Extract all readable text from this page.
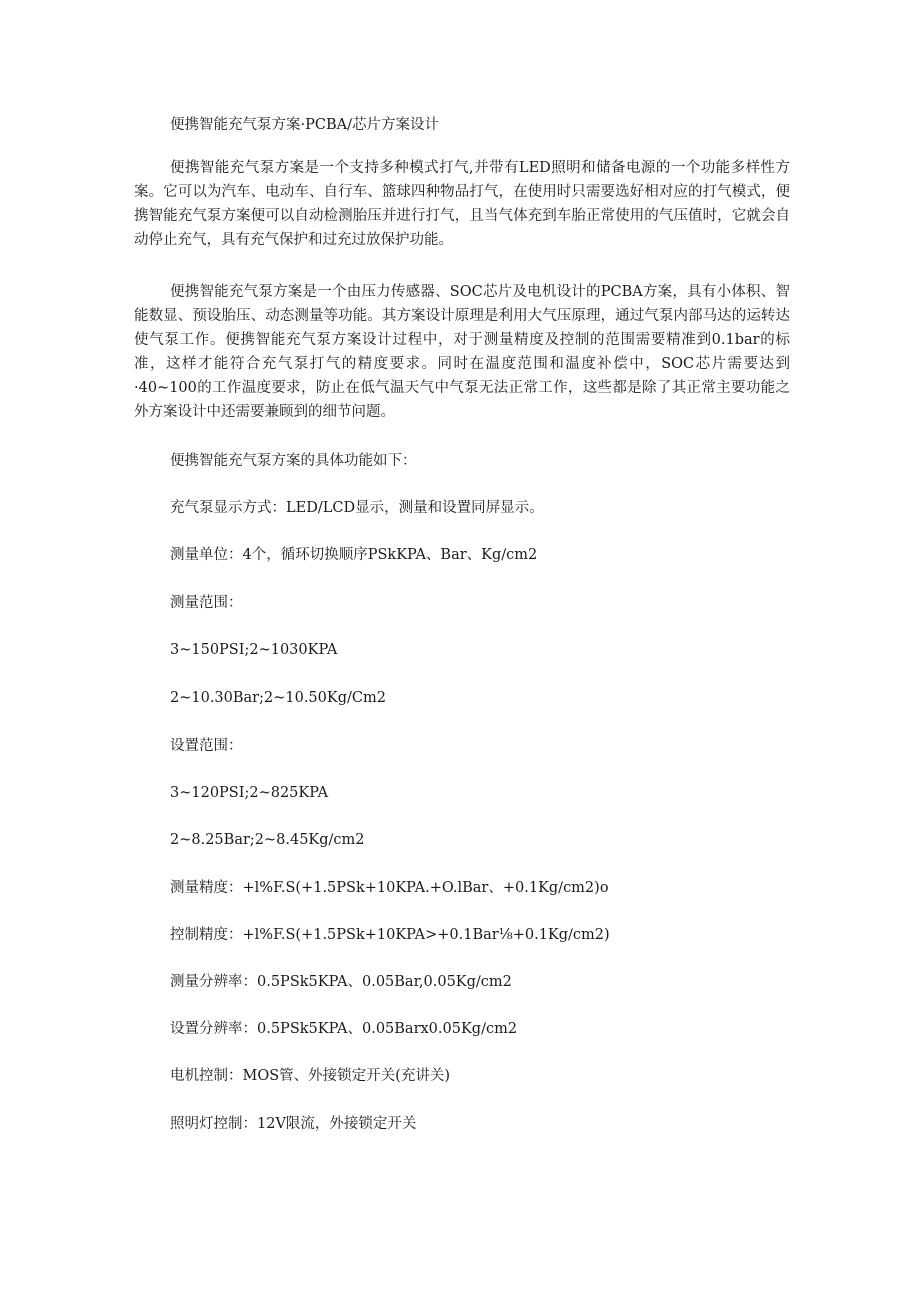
便携智能充气泵方案·PCBA∕芯片方案设计

便携智能充气泵方案是一个支持多种模式打气,并带有LED照明和储备电源的一个功能多样性方案。它可以为汽车、电动车、自行车、篮球四种物品打气，在使用时只需要选好相对应的打气模式，便携智能充气泵方案便可以自动检测胎压并进行打气，且当气体充到车胎正常使用的气压值时，它就会自动停止充气，具有充气保护和过充过放保护功能。

便携智能充气泵方案是一个由压力传感器、SOC芯片及电机设计的PCBA方案，具有小体积、智能数显、预设胎压、动态测量等功能。其方案设计原理是利用大气压原理，通过气泵内部马达的运转达使气泵工作。便携智能充气泵方案设计过程中，对于测量精度及控制的范围需要精准到0.1bar的标准，这样才能符合充气泵打气的精度要求。同时在温度范围和温度补偿中，SOC芯片需要达到·40~100的工作温度要求，防止在低气温天气中气泵无法正常工作，这些都是除了其正常主要功能之外方案设计中还需要兼顾到的细节问题。

便携智能充气泵方案的具体功能如下：
充气泵显示方式：LED/LCD显示，测量和设置同屏显示。
测量单位：4个，循环切换顺序PSkKPA、Bar、Kg∕cm2
测量范围：
3~150PSI;2~1030KPA
2~10.30Bar;2~10.50Kg/Cm2
设置范围：
3~120PSI;2~825KPA
2~8.25Bar;2~8.45Kg∕cm2
测量精度：+l%F.S(+1.5PSk+10KPA.+O.lBar、+0.1Kg∕cm2)o
控制精度：+l%F.S(+1.5PSk+10KPA>+0.1Bar⅛+0.1Kg∕cm2)
测量分辨率：0.5PSk5KPA、0.05Bar,0.05Kg∕cm2
设置分辨率：0.5PSk5KPA、0.05Barx0.05Kg∕cm2
电机控制：MOS管、外接锁定开关(充讲关)
照明灯控制：12V限流，外接锁定开关
